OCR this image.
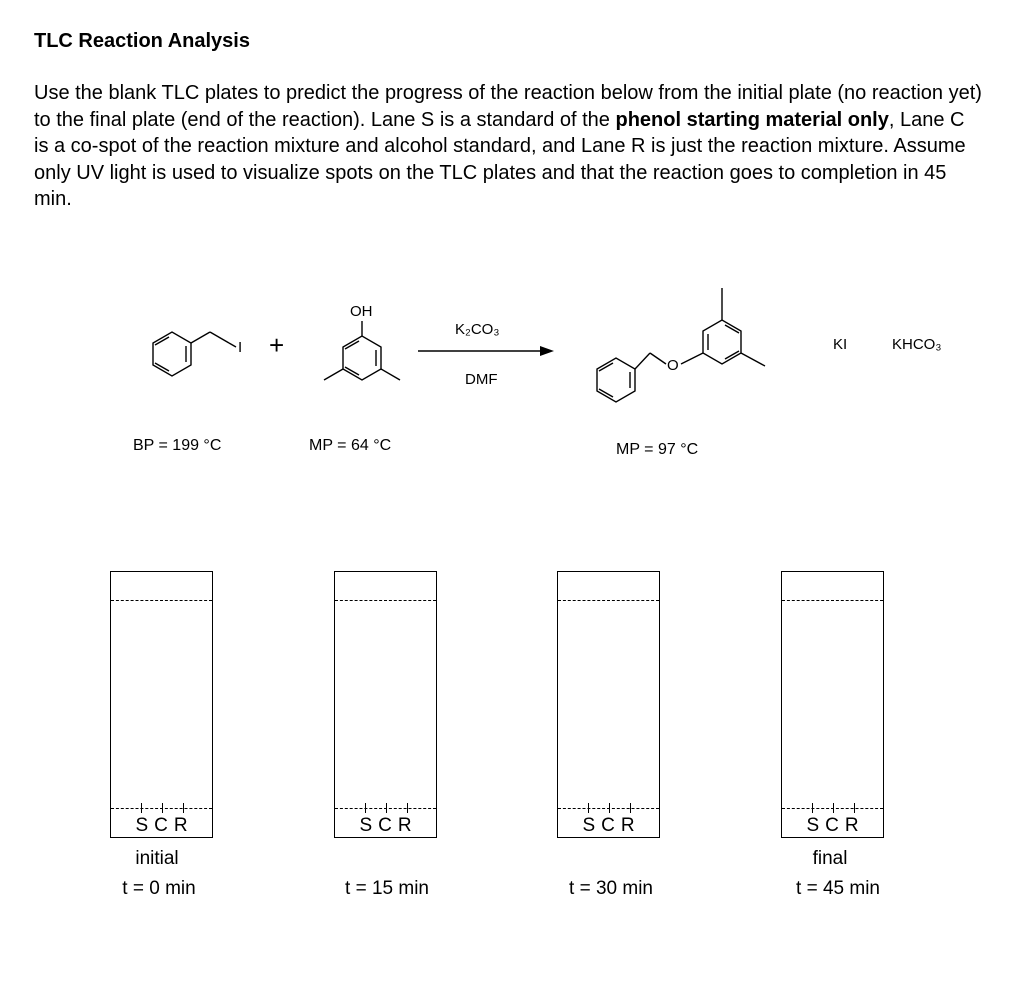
TLC Reaction Analysis
Use the blank TLC plates to predict the progress of the reaction below from the initial plate (no reaction yet) to the final plate (end of the reaction). Lane S is a standard of the phenol starting material only, Lane C is a co-spot of the reaction mixture and alcohol standard, and Lane R is just the reaction mixture. Assume only UV light is used to visualize spots on the TLC plates and that the reaction goes to completion in 45 min.
I +
OH
K₂CO₃
DMF
O
KI	KHCO₃
BP = 199 °C	MP = 64 °C	MP = 97 °C
SCR	SCR	SCR	SCR
initial
t = 0 min	t = 15 min	t = 30 min
final
t = 45 min
